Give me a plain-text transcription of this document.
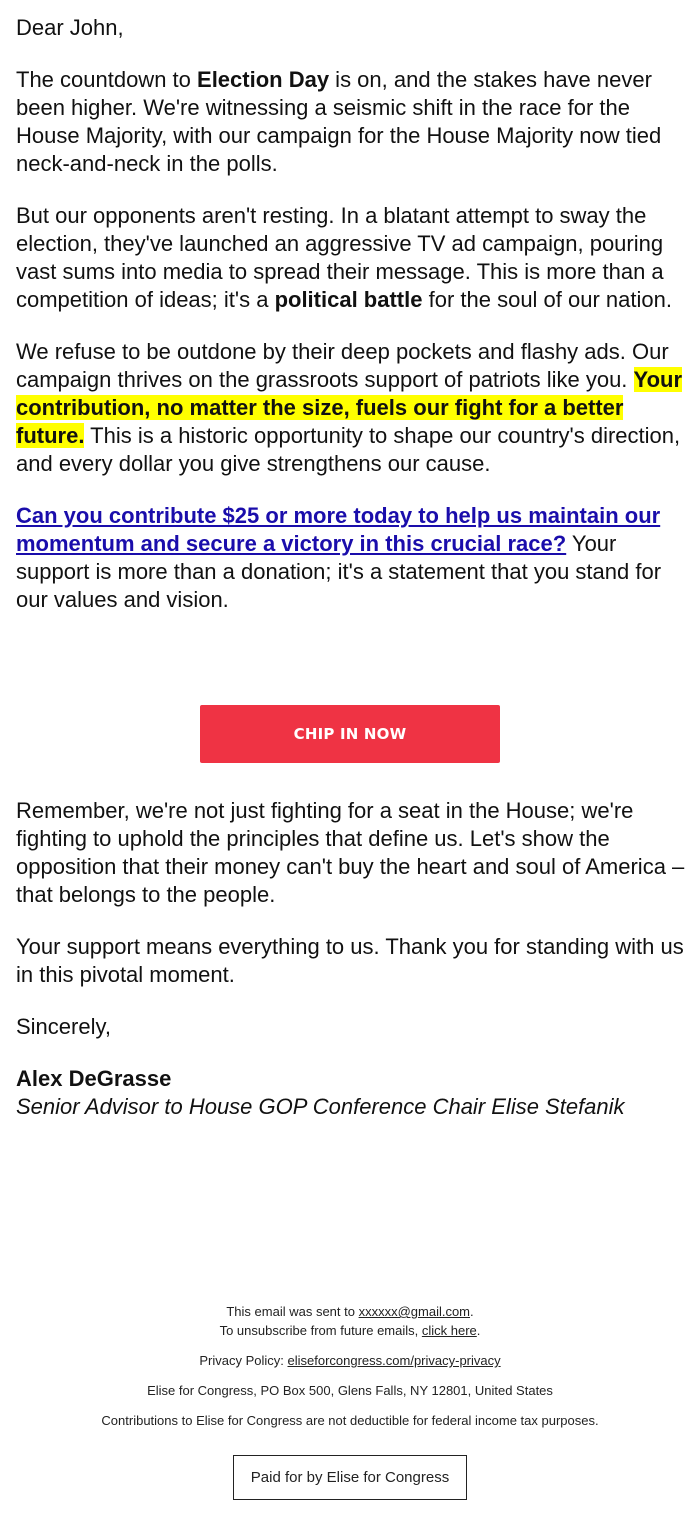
Dear John,

The countdown to Election Day is on, and the stakes have never been higher. We're witnessing a seismic shift in the race for the House Majority, with our campaign for the House Majority now tied neck-and-neck in the polls.

But our opponents aren't resting. In a blatant attempt to sway the election, they've launched an aggressive TV ad campaign, pouring vast sums into media to spread their message. This is more than a competition of ideas; it's a political battle for the soul of our nation.

We refuse to be outdone by their deep pockets and flashy ads. Our campaign thrives on the grassroots support of patriots like you. Your contribution, no matter the size, fuels our fight for a better future. This is a historic opportunity to shape our country's direction, and every dollar you give strengthens our cause.

Can you contribute $25 or more today to help us maintain our momentum and secure a victory in this crucial race? Your support is more than a donation; it's a statement that you stand for our values and vision.

CHIP IN NOW

Remember, we're not just fighting for a seat in the House; we're fighting to uphold the principles that define us. Let's show the opposition that their money can't buy the heart and soul of America – that belongs to the people.

Your support means everything to us. Thank you for standing with us in this pivotal moment.

Sincerely,

Alex DeGrasse
Senior Advisor to House GOP Conference Chair Elise Stefanik

This email was sent to xxxxxx@gmail.com.
To unsubscribe from future emails, click here.

Privacy Policy: eliseforcongress.com/privacy-privacy

Elise for Congress, PO Box 500, Glens Falls, NY 12801, United States

Contributions to Elise for Congress are not deductible for federal income tax purposes.

Paid for by Elise for Congress
